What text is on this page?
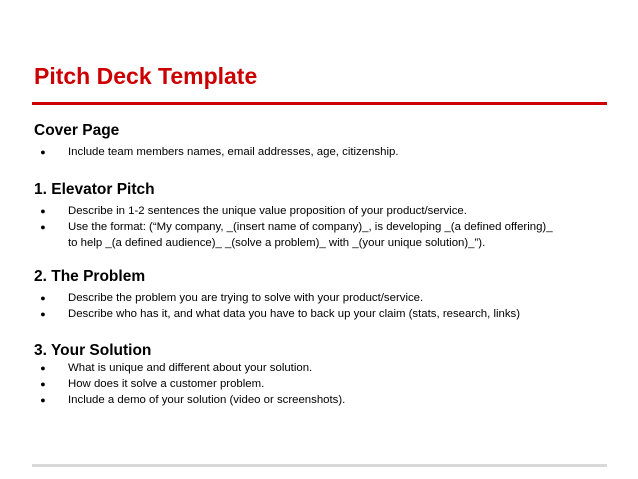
Pitch Deck Template
Cover Page
●	Include team members names, email addresses, age, citizenship.
1. Elevator Pitch
●	Describe in 1-2 sentences the unique value proposition of your product/service.
●	Use the format: (“My company, _(insert name of company)_, is developing _(a defined offering)_
to help _(a defined audience)_ _(solve a problem)_ with _(your unique solution)_”).
2. The Problem
●	Describe the problem you are trying to solve with your product/service.
●	Describe who has it, and what data you have to back up your claim (stats, research, links)
3. Your Solution
●	What is unique and different about your solution.
●	How does it solve a customer problem.
●	Include a demo of your solution (video or screenshots).
